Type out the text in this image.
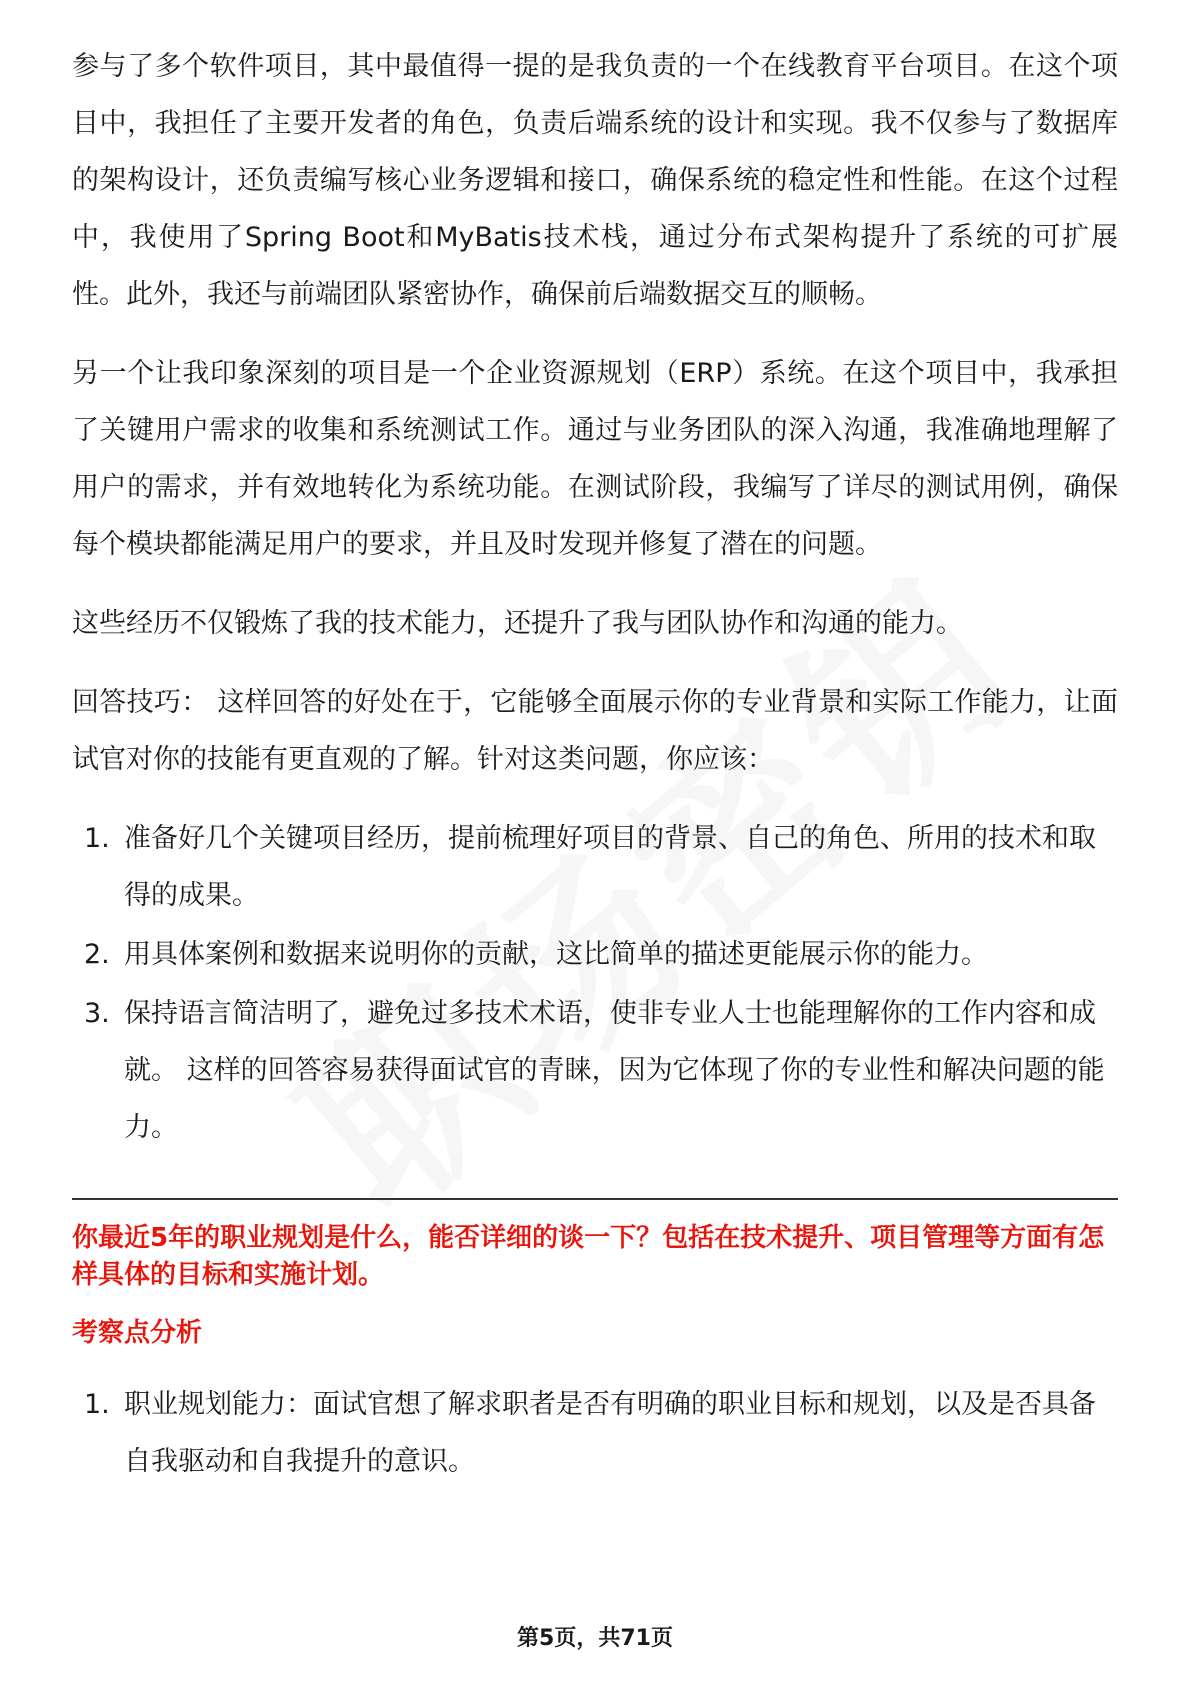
参与了多个软件项目，其中最值得一提的是我负责的一个在线教育平台项目。在这个项目中，我担任了主要开发者的角色，负责后端系统的设计和实现。我不仅参与了数据库的架构设计，还负责编写核心业务逻辑和接口，确保系统的稳定性和性能。在这个过程中，我使用了Spring Boot和MyBatis技术栈，通过分布式架构提升了系统的可扩展性。此外，我还与前端团队紧密协作，确保前后端数据交互的顺畅。

另一个让我印象深刻的项目是一个企业资源规划（ERP）系统。在这个项目中，我承担了关键用户需求的收集和系统测试工作。通过与业务团队的深入沟通，我准确地理解了用户的需求，并有效地转化为系统功能。在测试阶段，我编写了详尽的测试用例，确保每个模块都能满足用户的要求，并且及时发现并修复了潜在的问题。

这些经历不仅锻炼了我的技术能力，还提升了我与团队协作和沟通的能力。

回答技巧： 这样回答的好处在于，它能够全面展示你的专业背景和实际工作能力，让面试官对你的技能有更直观的了解。针对这类问题，你应该：

1. 准备好几个关键项目经历，提前梳理好项目的背景、自己的角色、所用的技术和取得的成果。
2. 用具体案例和数据来说明你的贡献，这比简单的描述更能展示你的能力。
3. 保持语言简洁明了，避免过多技术术语，使非专业人士也能理解你的工作内容和成就。 这样的回答容易获得面试官的青睐，因为它体现了你的专业性和解决问题的能力。
你最近5年的职业规划是什么，能否详细的谈一下？包括在技术提升、项目管理等方面有怎样具体的目标和实施计划。
考察点分析
1. 职业规划能力：面试官想了解求职者是否有明确的职业目标和规划，以及是否具备自我驱动和自我提升的意识。
第5页，共71页
